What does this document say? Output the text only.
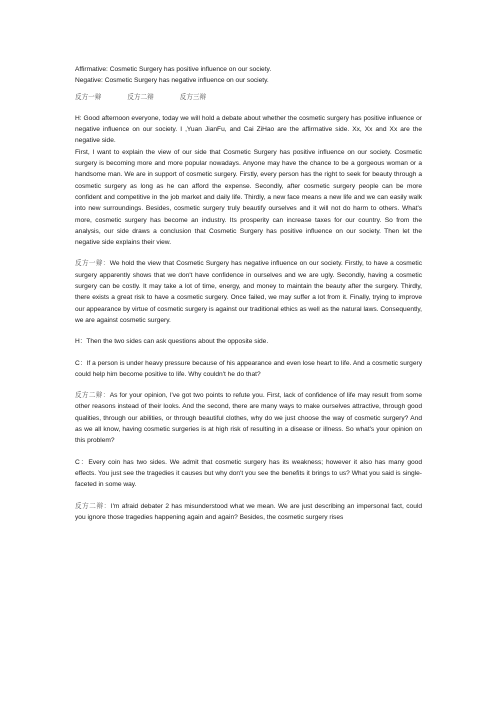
Affirmative: Cosmetic Surgery has positive influence on our society.

Negative: Cosmetic Surgery has negative influence on our society.

反方一辩	反方二辩	反方三辩

H: Good afternoon everyone, today we will hold a debate about whether the cosmetic surgery has positive influence or negative influence on our society. I ,Yuan JianFu, and Cai ZiHao are the affirmative side. Xx, Xx and Xx are the negative side.

First, I want to explain the view of our side that Cosmetic Surgery has positive influence on our society. Cosmetic surgery is becoming more and more popular nowadays. Anyone may have the chance to be a gorgeous woman or a handsome man. We are in support of cosmetic surgery. Firstly, every person has the right to seek for beauty through a cosmetic surgery as long as he can afford the expense. Secondly, after cosmetic surgery people can be more confident and competitive in the job market and daily life. Thirdly, a new face means a new life and we can easily walk into new surroundings. Besides, cosmetic surgery truly beautify ourselves and it will not do harm to others. What's more, cosmetic surgery has become an industry. Its prosperity can increase taxes for our country. So from the analysis, our side draws a conclusion that Cosmetic Surgery has positive influence on our society. Then let the negative side explains their view.

反方一辩：We hold the view that Cosmetic Surgery has negative influence on our society. Firstly, to have a cosmetic surgery apparently shows that we don't have confidence in ourselves and we are ugly. Secondly, having a cosmetic surgery can be costly. It may take a lot of time, energy, and money to maintain the beauty after the surgery. Thirdly, there exists a great risk to have a cosmetic surgery. Once failed, we may suffer a lot from it. Finally, trying to improve our appearance by virtue of cosmetic surgery is against our traditional ethics as well as the natural laws. Consequently, we are against cosmetic surgery.

H：Then the two sides can ask questions about the opposite side.

C：If a person is under heavy pressure because of his appearance and even lose heart to life. And a cosmetic surgery could help him become positive to life. Why couldn't he do that?

反方二辩：As for your opinion, I've got two points to refute you. First, lack of confidence of life may result from some other reasons instead of their looks. And the second, there are many ways to make ourselves attractive, through good qualities, through our abilities, or through beautiful clothes, why do we just choose the way of cosmetic surgery? And as we all know, having cosmetic surgeries is at high risk of resulting in a disease or illness. So what's your opinion on this problem?

C：Every coin has two sides. We admit that cosmetic surgery has its weakness; however it also has many good effects. You just see the tragedies it causes but why don't you see the benefits it brings to us? What you said is single-faceted in some way.

反方二辩：I'm afraid debater 2 has misunderstood what we mean. We are just describing an impersonal fact, could you ignore those tragedies happening again and again? Besides, the cosmetic surgery rises
